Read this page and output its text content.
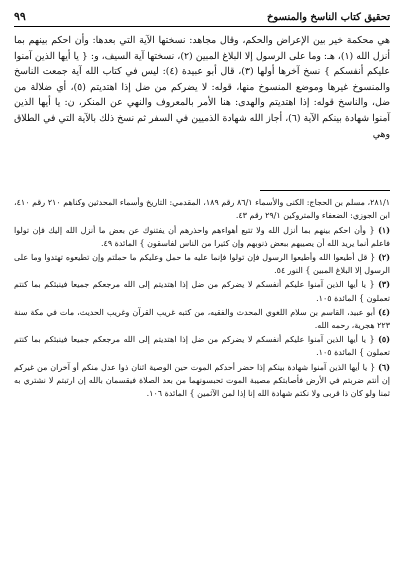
تحقيق كتاب الناسخ والمنسوخ
٩٩

هي محكمة خير بين الإعراض والحكم، وقال مجاهد: نسختها الآية التي بعدها: وأن احكم بينهم بما أنزل الله (١)، هـ: وما على الرسول إلا البلاغ المبين (٢)، نسختها آية السيف، و: { يا أيها الذين آمنوا عليكم أنفسكم } نسخ آخرها أولها (٣)، قال أبو عبيدة (٤): ليس في كتاب الله آية جمعت الناسخ والمنسوخ غيرها وموضع المنسوخ منها، قوله: لا يضركم من ضل إذا اهتديتم (٥)، أي ضلالة من ضل، والناسخ قوله: إذا اهتديتم والهدى: هنا الأمر بالمعروف والنهي عن المنكر، ن: يا أيها الذين آمنوا شهادة بينكم الآية (٦)، أجاز الله شهادة الذميين في السفر ثم نسخ ذلك بالآية التي في الطلاق وهي

٢٨١/١، مسلم بن الحجاج: الكنى والأسماء ٨٦/١ رقم ١٨٩، المقدمي: التاريخ وأسماء المحدثين وكناهم ٢١٠ رقم ٤١٠، ابن الجوزي: الضعفاء والمتروكين ٢٩/١ رقم ٤٣.

(١) { وأن احكم بينهم بما أنزل الله ولا تتبع أهواءهم واحذرهم أن يفتنوك عن بعض ما أنزل الله إليك فإن تولوا فاعلم أنما يريد الله أن يصيبهم ببعض ذنوبهم وإن كثيرا من الناس لفاسقون } المائدة ٤٩.

(٢) { قل أطيعوا الله وأطيعوا الرسول فإن تولوا فإنما عليه ما حمل وعليكم ما حملتم وإن تطيعوه تهتدوا وما على الرسول إلا البلاغ المبين } النور ٥٤.

(٣) { يا أيها الذين آمنوا عليكم أنفسكم لا يضركم من ضل إذا اهتديتم إلى الله مرجعكم جميعا فينبئكم بما كنتم تعملون } المائدة ١٠٥.

(٤) أبو عبيد، القاسم بن سلام اللغوي المحدث والفقيه، من كتبه غريب القرآن وغريب الحديث، مات في مكة سنة ٢٢٣ هجرية، رحمه الله.

(٥) { يا أيها الذين آمنوا عليكم أنفسكم لا يضركم من ضل إذا اهتديتم إلى الله مرجعكم جميعا فينبئكم بما كنتم تعملون } المائدة ١٠٥.

(٦) { يا أيها الذين آمنوا شهادة بينكم إذا حضر أحدكم الموت حين الوصية اثنان ذوا عدل منكم أو آخران من غيركم إن أنتم ضربتم في الأرض فأصابتكم مصيبة الموت تحبسونهما من بعد الصلاة فيقسمان بالله إن ارتبتم لا نشتري به ثمنا ولو كان ذا قربى ولا نكتم شهادة الله إنا إذا لمن الآثمين } المائدة ١٠٦.
